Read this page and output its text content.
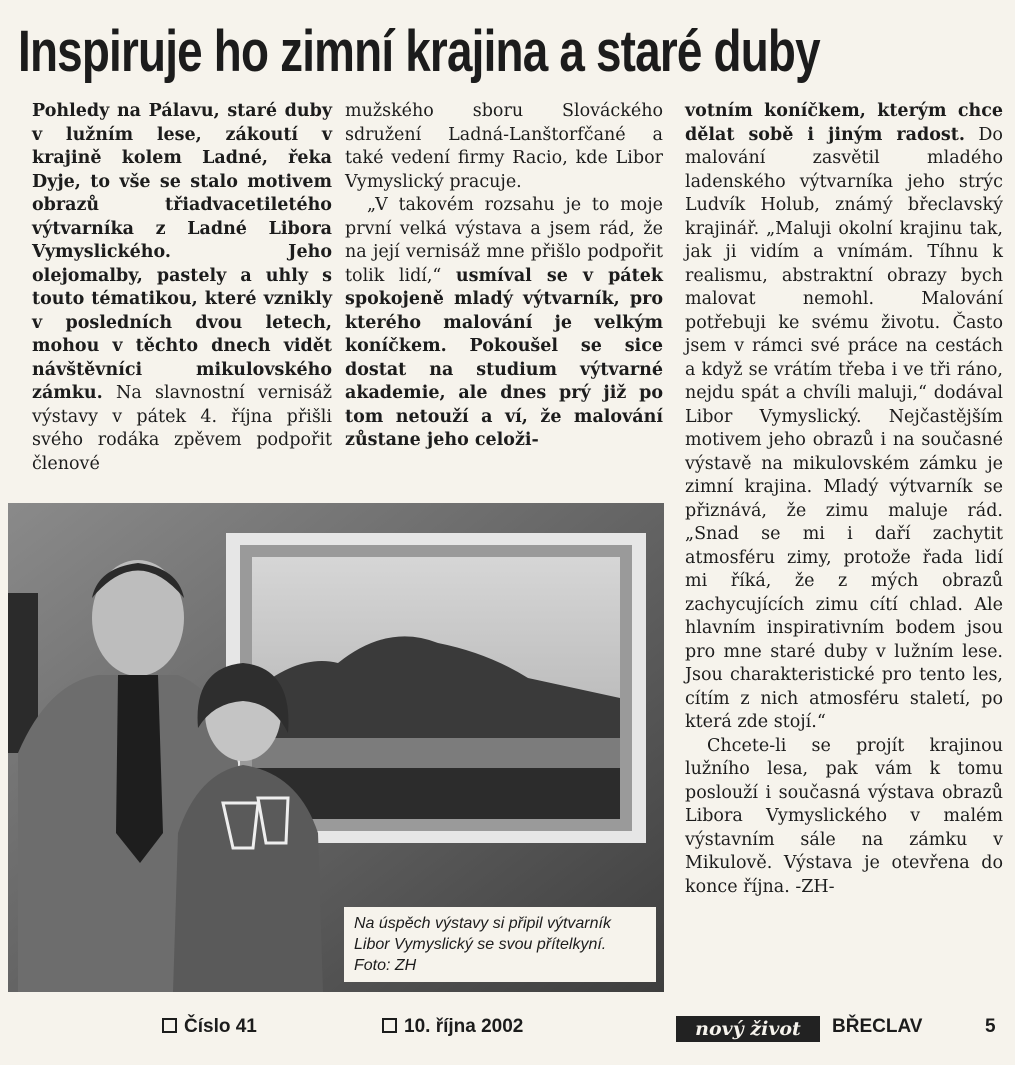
Inspiruje ho zimní krajina a staré duby

Pohledy na Pálavu, staré duby v lužním lese, zákoutí v krajině kolem Ladné, řeka Dyje, to vše se stalo motivem obrazů třiadvacetiletého výtvarníka z Ladné Libora Vymyslického. Jeho olejomalby, pastely a uhly s touto tématikou, které vznikly v posledních dvou letech, mohou v těchto dnech vidět návštěvníci mikulovského zámku. Na slavnostní vernisáž výstavy v pátek 4. října přišli svého rodáka zpěvem podpořit členové

mužského sboru Slováckého sdružení Ladná-Lanštorfčané a také vedení firmy Racio, kde Libor Vymyslický pracuje.

„V takovém rozsahu je to moje první velká výstava a jsem rád, že na její vernisáž mne přišlo podpořit tolik lidí,“ usmíval se v pátek spokojeně mladý výtvarník, pro kterého malování je velkým koníčkem. Pokoušel se sice dostat na studium výtvarné akademie, ale dnes prý již po tom netouží a ví, že malování zůstane jeho celoži-

votním koníčkem, kterým chce dělat sobě i jiným radost. Do malování zasvětil mladého ladenského výtvarníka jeho strýc Ludvík Holub, známý břeclavský krajinář. „Maluji okolní krajinu tak, jak ji vidím a vnímám. Tíhnu k realismu, abstraktní obrazy bych malovat nemohl. Malování potřebuji ke svému životu. Často jsem v rámci své práce na cestách a když se vrátím třeba i ve tři ráno, nejdu spát a chvíli maluji,“ dodával Libor Vymyslický. Nejčastějším motivem jeho obrazů i na současné výstavě na mikulovském zámku je zimní krajina. Mladý výtvarník se přiznává, že zimu maluje rád. „Snad se mi i daří zachytit atmosféru zimy, protože řada lidí mi říká, že z mých obrazů zachycujících zimu cítí chlad. Ale hlavním inspirativním bodem jsou pro mne staré duby v lužním lese. Jsou charakteristické pro tento les, cítím z nich atmosféru staletí, po která zde stojí.“

Chcete-li se projít krajinou lužního lesa, pak vám k tomu poslouží i současná výstava obrazů Libora Vymyslického v malém výstavním sále na zámku v Mikulově. Výstava je otevřena do konce října. -ZH-

Na úspěch výstavy si připil výtvarník Libor Vymyslický se svou přítelkyní. Foto: ZH
Číslo 41	10. října 2002	nový život	BŘECLAV	5
